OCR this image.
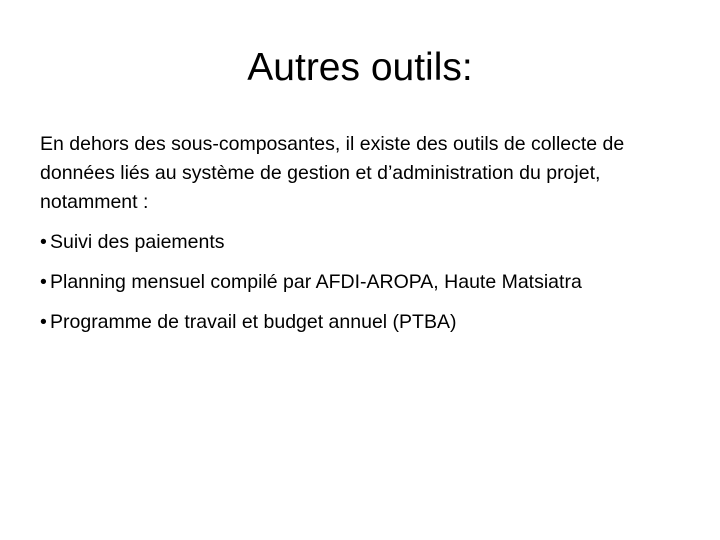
Autres outils:

En dehors des sous-composantes, il existe des outils de collecte de données liés au système de gestion et d’administration du projet, notamment :

• Suivi des paiements
• Planning mensuel compilé par AFDI-AROPA, Haute Matsiatra
• Programme de travail et budget annuel (PTBA)
